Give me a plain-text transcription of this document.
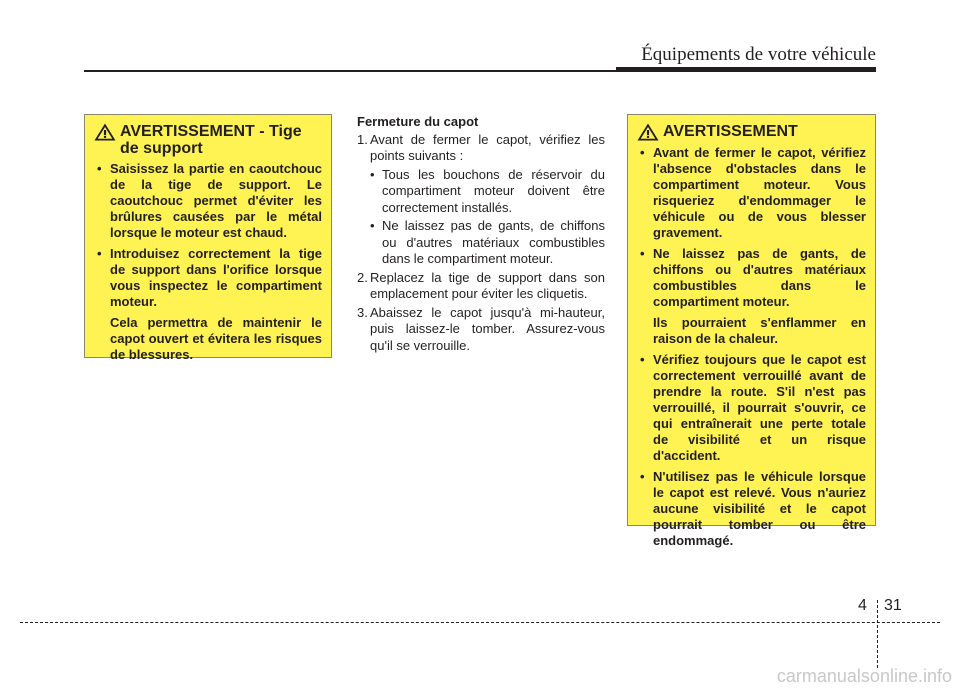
Équipements de votre véhicule
AVERTISSEMENT - Tige de support
• Saisissez la partie en caoutchouc de la tige de support. Le caoutchouc permet d'éviter les brûlures causées par le métal lorsque le moteur est chaud.

• Introduisez correctement la tige de support dans l'orifice lorsque vous inspectez le compartiment moteur.

Cela permettra de maintenir le capot ouvert et évitera les risques de blessures.

Fermeture du capot

1. Avant de fermer le capot, vérifiez les points suivants :
• Tous les bouchons de réservoir du compartiment moteur doivent être correctement installés.
• Ne laissez pas de gants, de chiffons ou d'autres matériaux combustibles dans le compartiment moteur.
2. Replacez la tige de support dans son emplacement pour éviter les cliquetis.
3. Abaissez le capot jusqu'à mi-hauteur, puis laissez-le tomber. Assurez-vous qu'il se verrouille.
AVERTISSEMENT
• Avant de fermer le capot, vérifiez l'absence d'obstacles dans le compartiment moteur. Vous risqueriez d'endommager le véhicule ou de vous blesser gravement.

• Ne laissez pas de gants, de chiffons ou d'autres matériaux combustibles dans le compartiment moteur.

Ils pourraient s'enflammer en raison de la chaleur.

• Vérifiez toujours que le capot est correctement verrouillé avant de prendre la route. S'il n'est pas verrouillé, il pourrait s'ouvrir, ce qui entraînerait une perte totale de visibilité et un risque d'accident.

• N'utilisez pas le véhicule lorsque le capot est relevé. Vous n'auriez aucune visibilité et le capot pourrait tomber ou être endommagé.

4 31
carmanualsonline.info
